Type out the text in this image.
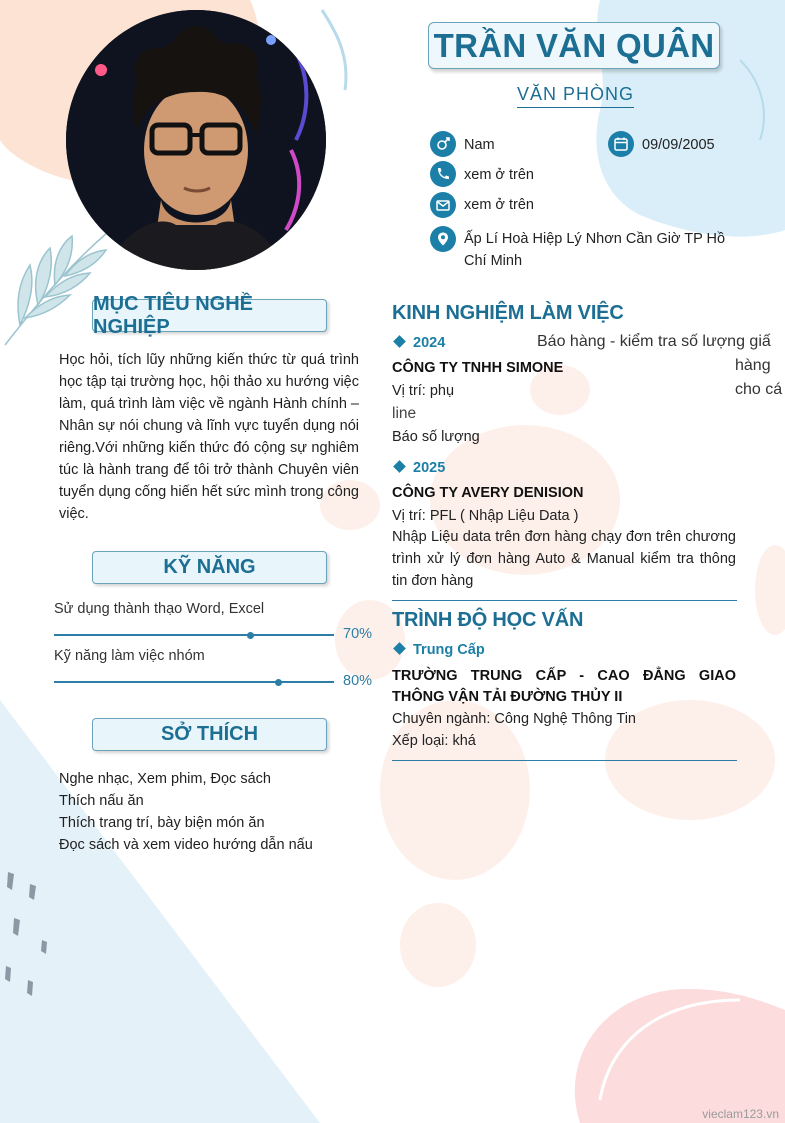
TRẦN VĂN QUÂN
VĂN PHÒNG
Nam	09/09/2005
xem ở trên
xem ở trên
Ấp Lí Hoà Hiệp Lý Nhơn Cần Giờ TP Hồ Chí Minh
MỤC TIÊU NGHỀ NGHIỆP
Học hỏi, tích lũy những kiến thức từ quá trình học tập tại trường học, hội thảo xu hướng việc làm, quá trình làm việc về ngành Hành chính – Nhân sự nói chung và lĩnh vực tuyển dụng nói riêng.Với những kiến thức đó cộng sự nghiêm túc là hành trang để tôi trở thành Chuyên viên tuyển dụng cống hiến hết sức mình trong công việc.
KỸ NĂNG
Sử dụng thành thạo Word, Excel
70%
Kỹ năng làm việc nhóm
80%
SỞ THÍCH
Nghe nhạc, Xem phim, Đọc sách
Thích nấu ăn
Thích trang trí, bày biện món ăn
Đọc sách và xem video hướng dẫn nấu
KINH NGHIỆM LÀM VIỆC
2024	Báo hàng - kiểm tra số lượng giấ
hàng
cho cá
CÔNG TY TNHH SIMONE
Vị trí: phụ
line
Báo số lượng
2025
CÔNG TY AVERY DENISION
Vị trí: PFL ( Nhập Liệu Data )
Nhập Liệu data trên đơn hàng chạy đơn trên chương trình xử lý đơn hàng Auto & Manual kiểm tra thông tin đơn hàng
TRÌNH ĐỘ HỌC VẤN
Trung Cấp
TRƯỜNG TRUNG CẤP - CAO ĐẲNG GIAO THÔNG VẬN TẢI ĐƯỜNG THỦY II
Chuyên ngành: Công Nghệ Thông Tin
Xếp loại: khá
vieclam123.vn
